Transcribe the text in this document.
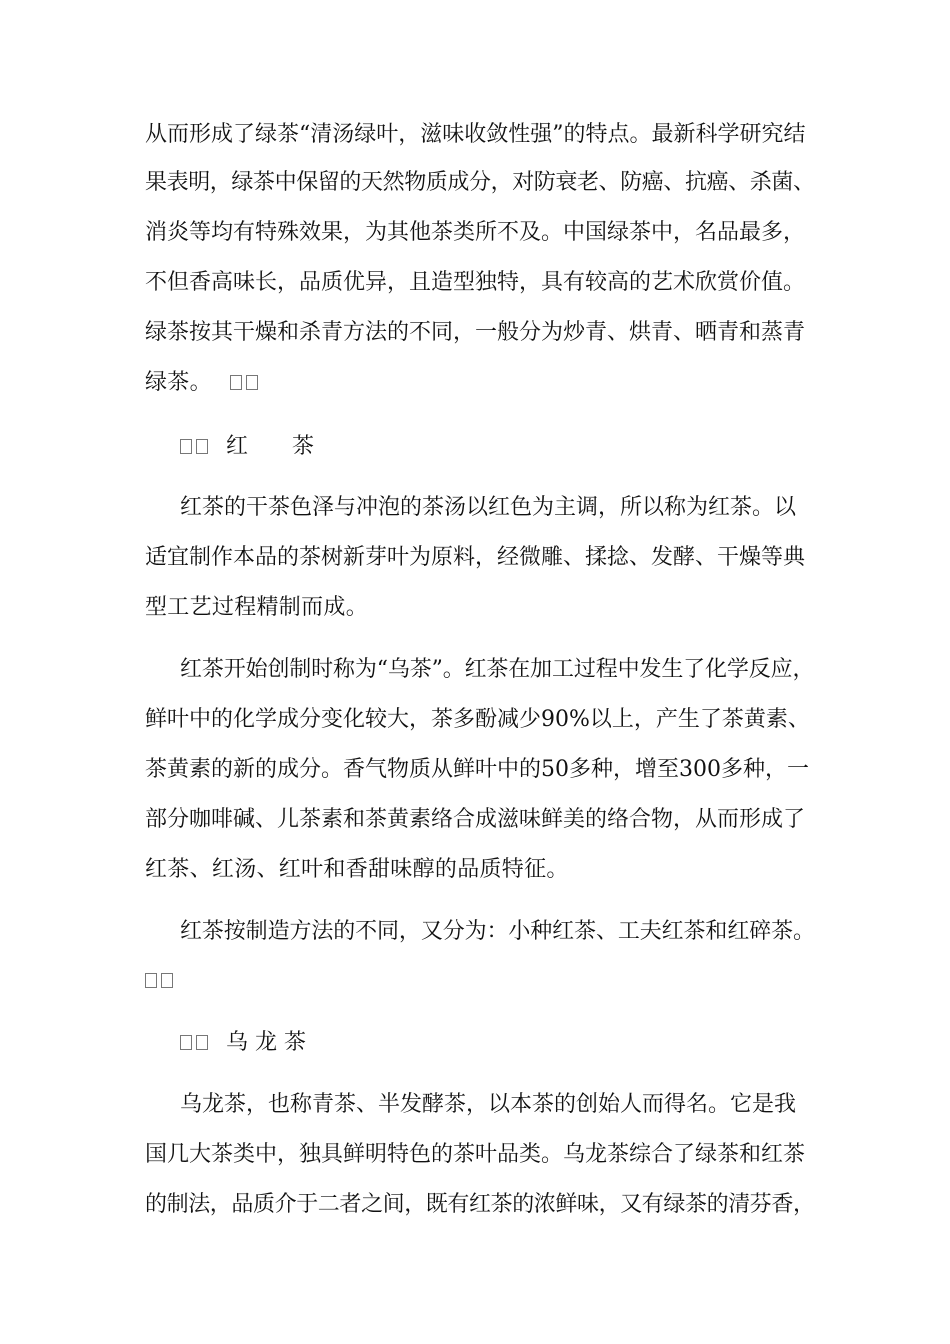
从而形成了绿茶“清汤绿叶，滋味收敛性强”的特点。最新科学研究结
果表明，绿茶中保留的天然物质成分，对防衰老、防癌、抗癌、杀菌、
消炎等均有特殊效果，为其他茶类所不及。中国绿茶中，名品最多，
不但香高味长，品质优异，且造型独特，具有较高的艺术欣赏价值。
绿茶按其干燥和杀青方法的不同，一般分为炒青、烘青、晒青和蒸青
绿茶。
红　　茶
红茶的干茶色泽与冲泡的茶汤以红色为主调，所以称为红茶。以
适宜制作本品的茶树新芽叶为原料，经微雕、揉捻、发酵、干燥等典
型工艺过程精制而成。
红茶开始创制时称为“乌茶”。红茶在加工过程中发生了化学反应，
鲜叶中的化学成分变化较大，茶多酚减少90%以上，产生了茶黄素、
茶黄素的新的成分。香气物质从鲜叶中的50多种，增至300多种，一
部分咖啡碱、儿茶素和茶黄素络合成滋味鲜美的络合物，从而形成了
红茶、红汤、红叶和香甜味醇的品质特征。
红茶按制造方法的不同，又分为：小种红茶、工夫红茶和红碎茶。
乌 龙 茶
乌龙茶，也称青茶、半发酵茶，以本茶的创始人而得名。它是我
国几大茶类中，独具鲜明特色的茶叶品类。乌龙茶综合了绿茶和红茶
的制法，品质介于二者之间，既有红茶的浓鲜味，又有绿茶的清芬香，
